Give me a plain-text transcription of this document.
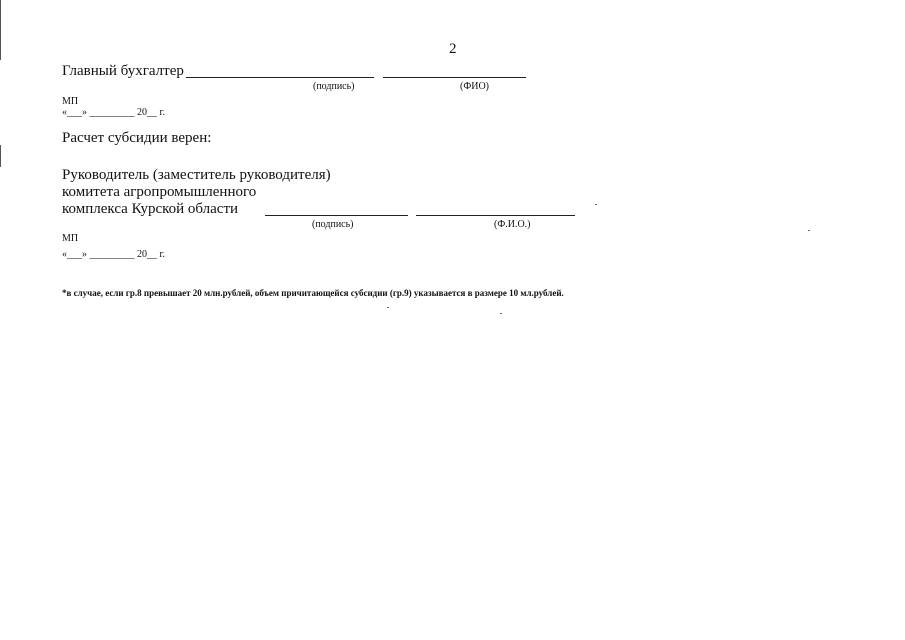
2
Главный бухгалтер
(подпись)	(ФИО)
МП
«___» _________ 20__ г.
Расчет субсидии верен:
Руководитель (заместитель руководителя)
комитета агропромышленного
комплекса Курской области
(подпись)	(Ф.И.О.)
МП
«___» _________ 20__ г.
*в случае, если гр.8 превышает 20 млн.рублей, объем причитающейся субсидии (гр.9) указывается в размере 10 мл.рублей.
